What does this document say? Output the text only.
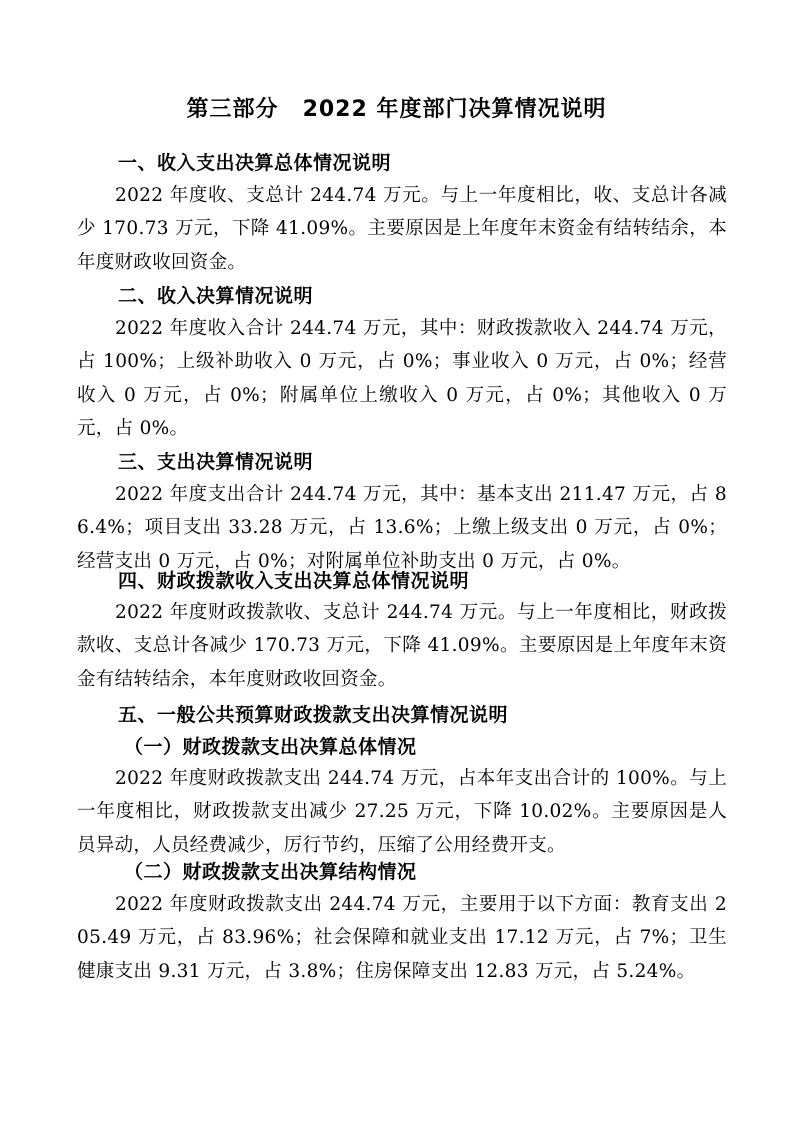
第三部分 2022 年度部门决算情况说明
一、收入支出决算总体情况说明
2022 年度收、支总计 244.74 万元。与上一年度相比，收、支总计各减少 170.73 万元，下降 41.09%。主要原因是上年度年末资金有结转结余，本年度财政收回资金。
二、收入决算情况说明
2022 年度收入合计 244.74 万元，其中：财政拨款收入 244.74 万元，占 100%；上级补助收入 0 万元，占 0%；事业收入 0 万元，占 0%；经营收入 0 万元，占 0%；附属单位上缴收入 0 万元，占 0%；其他收入 0 万元，占 0%。
三、支出决算情况说明
2022 年度支出合计 244.74 万元，其中：基本支出 211.47 万元，占 86.4%；项目支出 33.28 万元，占 13.6%；上缴上级支出 0 万元，占 0%；经营支出 0 万元，占 0%；对附属单位补助支出 0 万元，占 0%。
四、财政拨款收入支出决算总体情况说明
2022 年度财政拨款收、支总计 244.74 万元。与上一年度相比，财政拨款收、支总计各减少 170.73 万元，下降 41.09%。主要原因是上年度年末资金有结转结余，本年度财政收回资金。
五、一般公共预算财政拨款支出决算情况说明
（一）财政拨款支出决算总体情况
2022 年度财政拨款支出 244.74 万元，占本年支出合计的 100%。与上一年度相比，财政拨款支出减少 27.25 万元，下降 10.02%。主要原因是人员异动，人员经费减少，厉行节约，压缩了公用经费开支。
（二）财政拨款支出决算结构情况
2022 年度财政拨款支出 244.74 万元，主要用于以下方面：教育支出 205.49 万元，占 83.96%；社会保障和就业支出 17.12 万元，占 7%；卫生健康支出 9.31 万元，占 3.8%；住房保障支出 12.83 万元，占 5.24%。
